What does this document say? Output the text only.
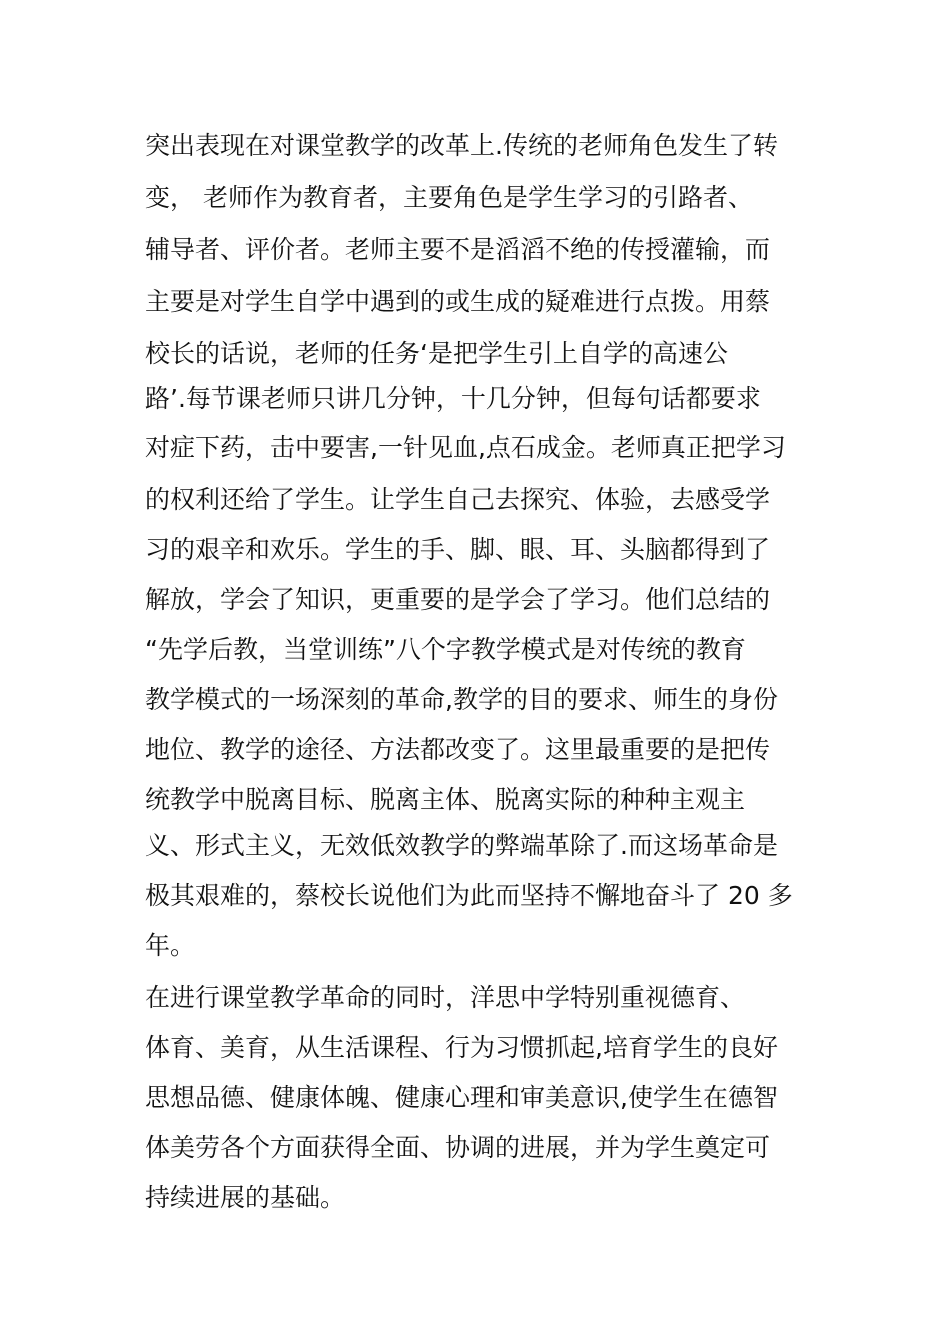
突出表现在对课堂教学的改革上.传统的老师角色发生了转
变， 老师作为教育者，主要角色是学生学习的引路者、
辅导者、评价者。老师主要不是滔滔不绝的传授灌输，而
主要是对学生自学中遇到的或生成的疑难进行点拨。用蔡
校长的话说，老师的任务‘是把学生引上自学的高速公
路’.每节课老师只讲几分钟，十几分钟，但每句话都要求
对症下药，击中要害,一针见血,点石成金。老师真正把学习
的权利还给了学生。让学生自己去探究、体验，去感受学
习的艰辛和欢乐。学生的手、脚、眼、耳、头脑都得到了
解放，学会了知识，更重要的是学会了学习。他们总结的
“先学后教，当堂训练”八个字教学模式是对传统的教育
教学模式的一场深刻的革命,教学的目的要求、师生的身份
地位、教学的途径、方法都改变了。这里最重要的是把传
统教学中脱离目标、脱离主体、脱离实际的种种主观主
义、形式主义，无效低效教学的弊端革除了.而这场革命是
极其艰难的，蔡校长说他们为此而坚持不懈地奋斗了 20 多
年。
在进行课堂教学革命的同时，洋思中学特别重视德育、
体育、美育，从生活课程、行为习惯抓起,培育学生的良好
思想品德、健康体魄、健康心理和审美意识,使学生在德智
体美劳各个方面获得全面、协调的进展，并为学生奠定可
持续进展的基础。
